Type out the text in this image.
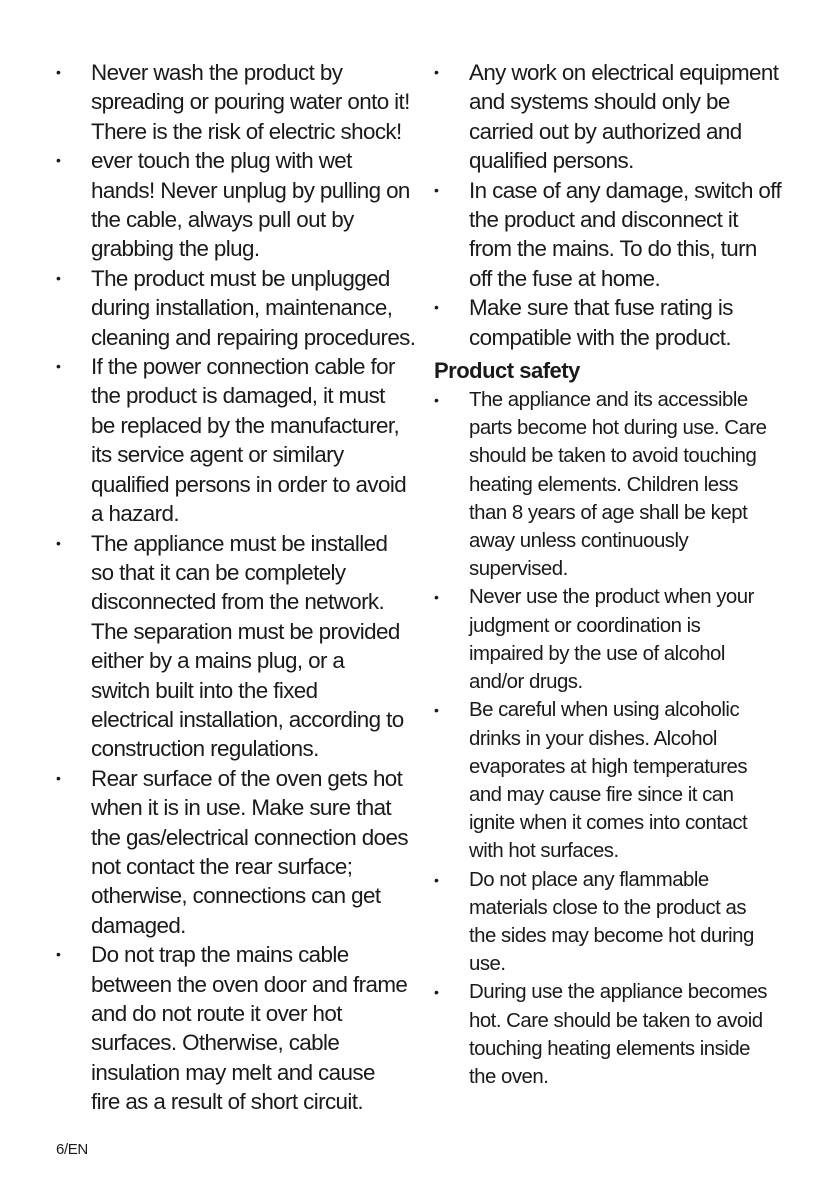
• Never wash the product by
spreading or pouring water onto it!
There is the risk of electric shock!
• ever touch the plug with wet
hands! Never unplug by pulling on
the cable, always pull out by
grabbing the plug.
• The product must be unplugged
during installation, maintenance,
cleaning and repairing procedures.
• If the power connection cable for
the product is damaged, it must
be replaced by the manufacturer,
its service agent or similary
qualified persons in order to avoid
a hazard.
• The appliance must be installed
so that it can be completely
disconnected from the network.
The separation must be provided
either by a mains plug, or a
switch built into the fixed
electrical installation, according to
construction regulations.
• Rear surface of the oven gets hot
when it is in use. Make sure that
the gas/electrical connection does
not contact the rear surface;
otherwise, connections can get
damaged.
• Do not trap the mains cable
between the oven door and frame
and do not route it over hot
surfaces. Otherwise, cable
insulation may melt and cause
fire as a result of short circuit.
• Any work on electrical equipment
and systems should only be
carried out by authorized and
qualified persons.
• In case of any damage, switch off
the product and disconnect it
from the mains. To do this, turn
off the fuse at home.
• Make sure that fuse rating is
compatible with the product.
Product safety
• The appliance and its accessible
parts become hot during use. Care
should be taken to avoid touching
heating elements. Children less
than 8 years of age shall be kept
away unless continuously
supervised.
• Never use the product when your
judgment or coordination is
impaired by the use of alcohol
and/or drugs.
• Be careful when using alcoholic
drinks in your dishes. Alcohol
evaporates at high temperatures
and may cause fire since it can
ignite when it comes into contact
with hot surfaces.
• Do not place any flammable
materials close to the product as
the sides may become hot during
use.
• During use the appliance becomes
hot. Care should be taken to avoid
touching heating elements inside
the oven.
6/EN
